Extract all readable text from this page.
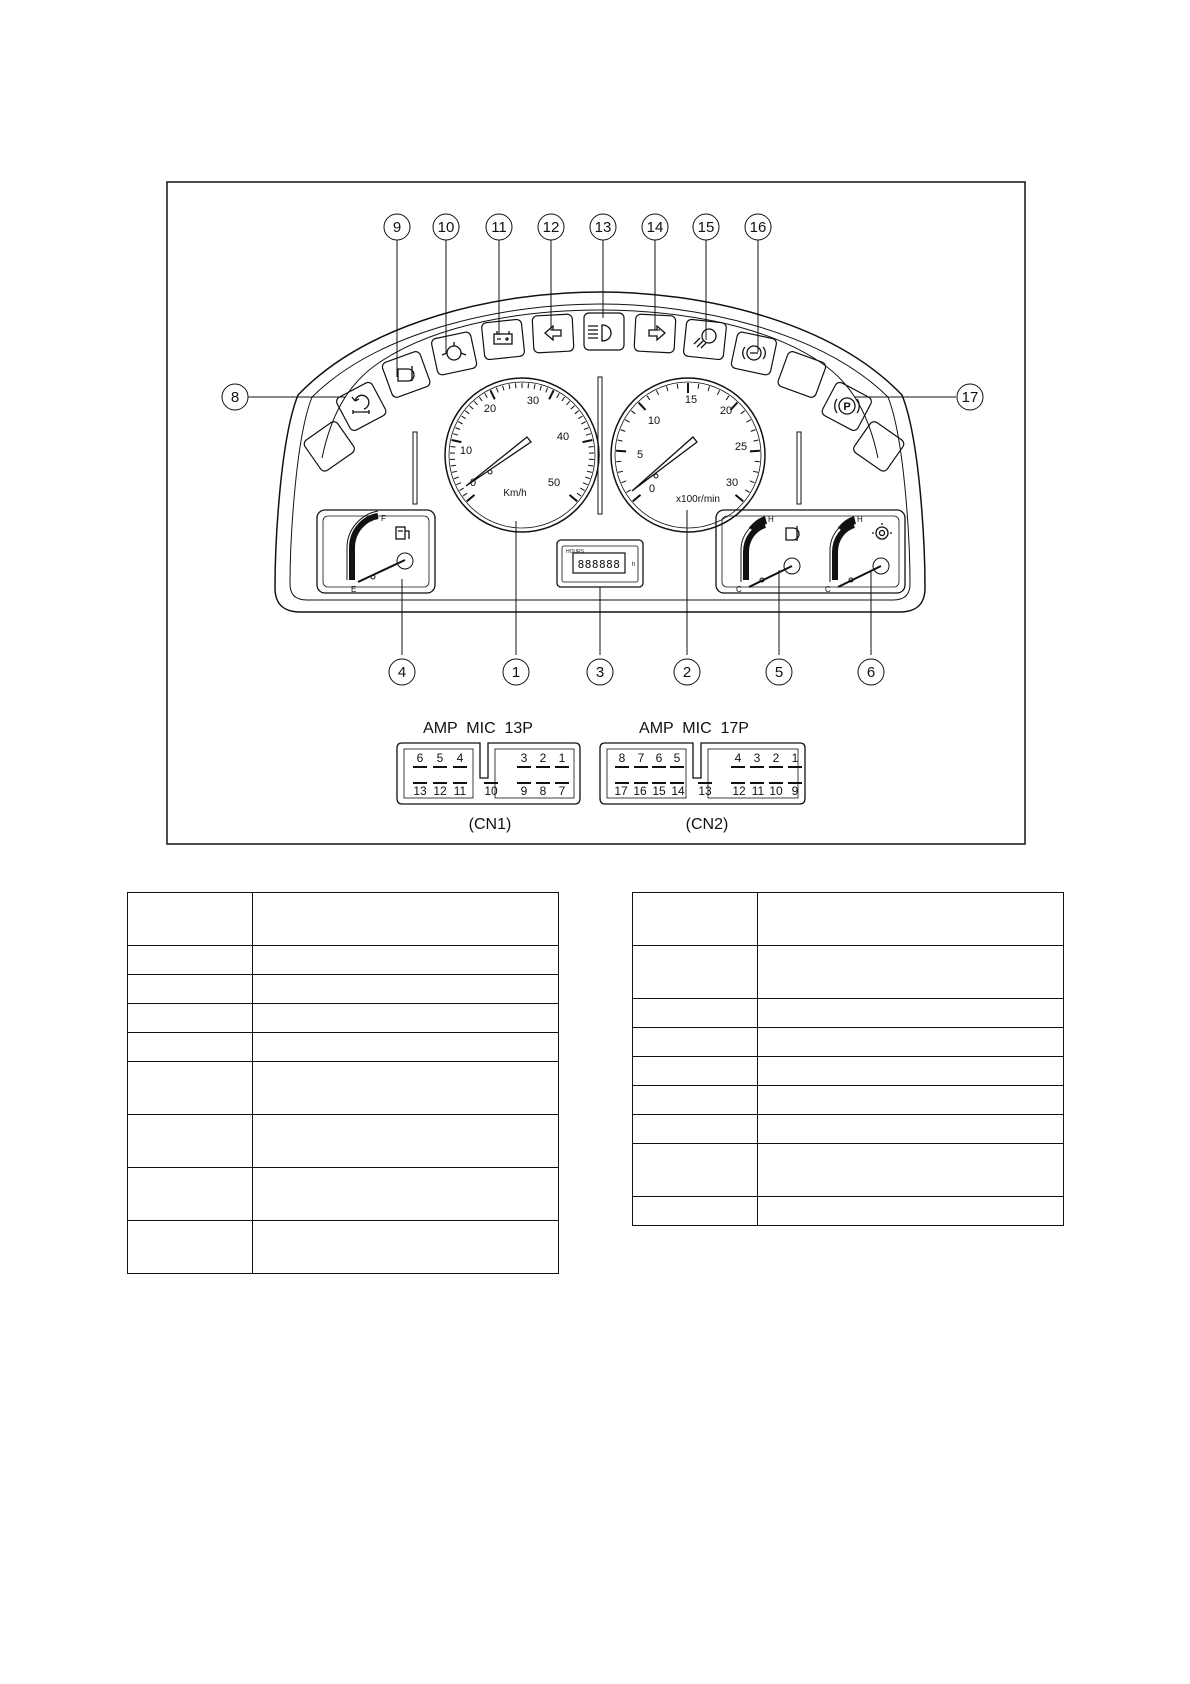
P
0
10
20
30
40
50
Km/h	0
5
10
15
20
25
30
x100r/min
HOURS
888888 h
E
F
C
H
C
H
9 10 11 12 13 14 15 16
8	17
4	1	3	2	5	6
AMP  MIC  13P
6 5 4	3 2 1
13 12 11 10 9 8 7
(CN1)
AMP  MIC  17P
8 7 6 5	4 3 2 1
17 16 15 14 13 12 11 10 9
(CN2)
